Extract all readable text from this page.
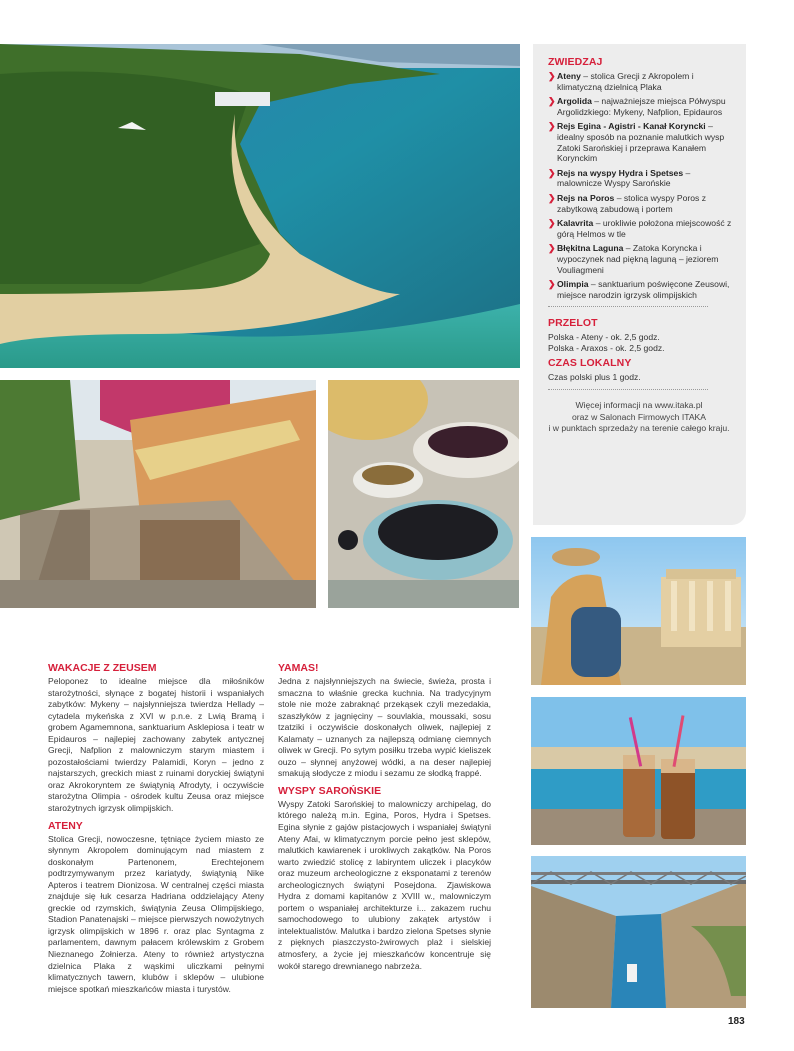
ZWIEDZAJ
❯ Ateny – stolica Grecji z Akropolem i klimatyczną dzielnicą Plaka
❯ Argolida – najważniejsze miejsca Półwyspu Argolidzkiego: Mykeny, Nafplion, Epidauros
❯ Rejs Egina - Agistri - Kanał Koryncki – idealny sposób na poznanie malutkich wysp Zatoki Sarońskiej i przeprawa Kanałem Korynckim
❯ Rejs na wyspy Hydra i Spetses – malownicze Wyspy Sarońskie
❯ Rejs na Poros – stolica wyspy Poros z zabytkową zabudową i portem
❯ Kalavrita – urokliwie położona miejscowość z górą Helmos w tle
❯ Błękitna Laguna – Zatoka Koryncka i wypoczynek nad piękną laguną – jeziorem Vouliagmeni
❯ Olimpia – sanktuarium poświęcone Zeusowi, miejsce narodzin igrzysk olimpijskich
PRZELOT
Polska - Ateny - ok. 2,5 godz.
Polska - Araxos - ok. 2,5 godz.
CZAS LOKALNY
Czas polski plus 1 godz.
Więcej informacji na www.itaka.pl
oraz w Salonach Firmowych ITAKA
i w punktach sprzedaży na terenie całego kraju.
WAKACJE Z ZEUSEM

Peloponez to idealne miejsce dla miłośników starożytności, słynące z bogatej historii i wspaniałych zabytków: Mykeny – najsłynniejsza twierdza Hellady – cytadela mykeńska z XVI w p.n.e. z Lwią Bramą i grobem Agamemnona, sanktuarium Asklepiosa i teatr w Epidauros – najlepiej zachowany zabytek antycznej Grecji, Nafplion z malowniczym starym miastem i pozostałościami twierdzy Palamidi, Koryn – jedno z najstarszych, greckich miast z ruinami doryckiej świątyni oraz Akrokoryntem ze świątynią Afrodyty, i oczywiście starożytna Olimpia - ośrodek kultu Zeusa oraz miejsce starożytnych igrzysk olimpijskich.

ATENY

Stolica Grecji, nowoczesne, tętniące życiem miasto ze słynnym Akropolem dominującym nad miastem z doskonałym Partenonem, Erechtejonem podtrzymywanym przez kariatydy, świątynią Nike Apteros i teatrem Dionizosa. W centralnej części miasta znajduje się łuk cesarza Hadriana oddzielający Ateny greckie od rzymskich, świątynia Zeusa Olimpijskiego, Stadion Panatenajski – miejsce pierwszych nowożytnych igrzysk olimpijskich w 1896 r. oraz plac Syntagma z parlamentem, dawnym pałacem królewskim z Grobem Nieznanego Żołnierza. Ateny to również artystyczna dzielnica Plaka z wąskimi uliczkami pełnymi klimatycznych tawern, klubów i sklepów – ulubione miejsce spotkań mieszkańców miasta i turystów.

YAMAS!

Jedna z najsłynniejszych na świecie, świeża, prosta i smaczna to właśnie grecka kuchnia. Na tradycyjnym stole nie może zabraknąć przekąsek czyli mezedakia, szaszłyków z jagnięciny – souvlakia, moussaki, sosu tzatziki i oczywiście doskonałych oliwek, najlepiej z Kalamaty – uznanych za najlepszą odmianę ciemnych oliwek w Grecji. Po sytym posiłku trzeba wypić kieliszek ouzo – słynnej anyżowej wódki, a na deser najlepiej smakują słodycze z miodu i sezamu ze słodką frappé.

WYSPY SAROŃSKIE

Wyspy Zatoki Sarońskiej to malowniczy archipelag, do którego należą m.in. Egina, Poros, Hydra i Spetses. Egina słynie z gajów pistacjowych i wspaniałej świątyni Ateny Afai, w klimatycznym porcie pełno jest sklepów, malutkich kawiarenek i urokliwych zakątków. Na Poros warto zwiedzić stolicę z labiryntem uliczek i placyków oraz muzeum archeologiczne z eksponatami z terenów archeologicznych świątyni Posejdona. Zjawiskowa Hydra z domami kapitanów z XVIII w., malowniczym portem o wspaniałej architekturze i... zakazem ruchu samochodowego to ulubiony zakątek artystów i intelektualistów. Malutka i bardzo zielona Spetses słynie z pięknych piaszczysto-żwirowych plaż i sielskiej atmosfery, a życie jej mieszkańców koncentruje się wokół starego drewnianego nabrzeża.

183
